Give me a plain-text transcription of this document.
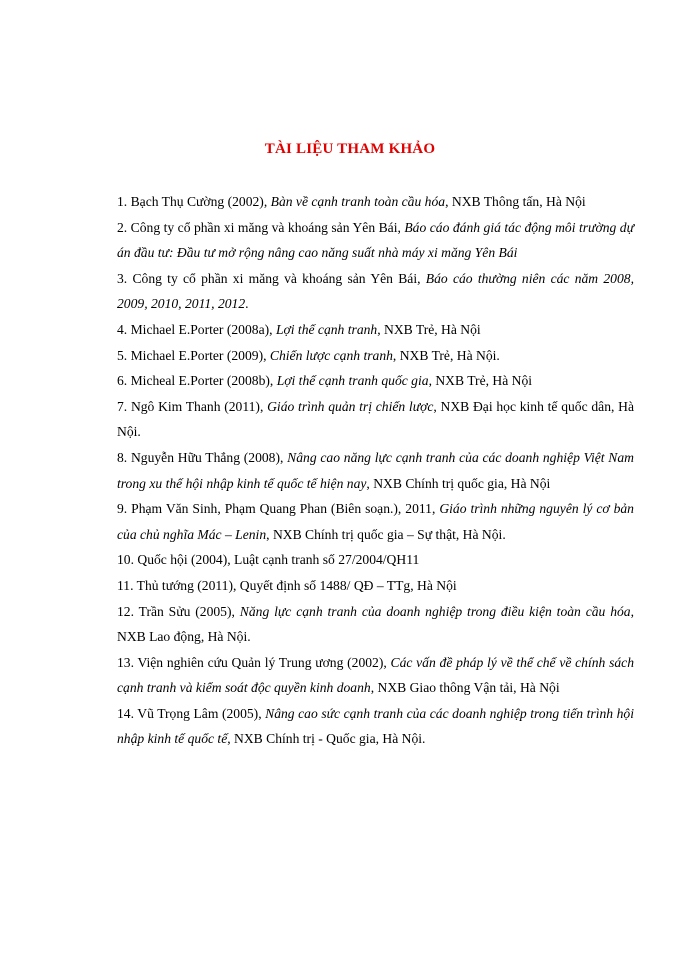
TÀI LIỆU THAM KHẢO

1. Bạch Thụ Cường (2002), Bàn về cạnh tranh toàn cầu hóa, NXB Thông tấn, Hà Nội

2. Công ty cổ phần xi măng và khoáng sản Yên Bái, Báo cáo đánh giá tác động môi trường dự án đầu tư: Đầu tư mở rộng nâng cao năng suất nhà máy xi măng Yên Bái

3. Công ty cổ phần xi măng và khoáng sản Yên Bái, Báo cáo thường niên các năm 2008, 2009, 2010, 2011, 2012.

4. Michael E.Porter (2008a), Lợi thế cạnh tranh, NXB Trẻ, Hà Nội

5. Michael E.Porter (2009), Chiến lược cạnh tranh, NXB Trẻ, Hà Nội.

6. Micheal E.Porter (2008b), Lợi thế cạnh tranh quốc gia, NXB Trẻ, Hà Nội

7. Ngô Kim Thanh (2011), Giáo trình quản trị chiến lược, NXB Đại học kinh tế quốc dân, Hà Nội.

8. Nguyễn Hữu Thắng (2008), Nâng cao năng lực cạnh tranh của các doanh nghiệp Việt Nam trong xu thế hội nhập kinh tế quốc tế hiện nay, NXB Chính trị quốc gia, Hà Nội

9. Phạm Văn Sinh, Phạm Quang Phan (Biên soạn.), 2011, Giáo trình những nguyên lý cơ bản của chủ nghĩa Mác – Lenin, NXB Chính trị quốc gia – Sự thật, Hà Nội.

10. Quốc hội (2004), Luật cạnh tranh số 27/2004/QH11

11. Thủ tướng (2011), Quyết định số 1488/ QĐ – TTg, Hà Nội

12. Trần Sửu (2005), Năng lực cạnh tranh của doanh nghiệp trong điều kiện toàn cầu hóa, NXB Lao động, Hà Nội.

13. Viện nghiên cứu Quản lý Trung ương (2002), Các vấn đề pháp lý về thể chế về chính sách cạnh tranh và kiểm soát độc quyền kinh doanh, NXB Giao thông Vận tải, Hà Nội

14. Vũ Trọng Lâm (2005), Nâng cao sức cạnh tranh của các doanh nghiệp trong tiến trình hội nhập kinh tế quốc tế, NXB Chính trị - Quốc gia, Hà Nội.
